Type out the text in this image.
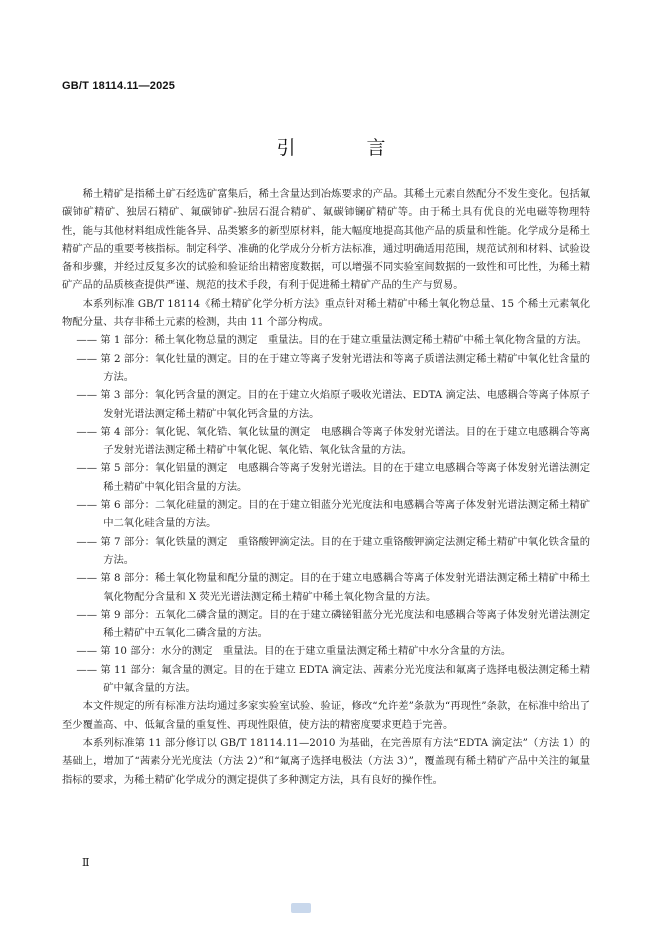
GB/T 18114.11—2025
引　言

稀土精矿是指稀土矿石经选矿富集后，稀土含量达到冶炼要求的产品。其稀土元素自然配分不发生变化。包括氟碳铈矿精矿、独居石精矿、氟碳铈矿-独居石混合精矿、氟碳铈镧矿精矿等。由于稀土具有优良的光电磁等物理特性，能与其他材料组成性能各异、品类繁多的新型原材料，能大幅度地提高其他产品的质量和性能。化学成分是稀土精矿产品的重要考核指标。制定科学、准确的化学成分分析方法标准，通过明确适用范围，规范试剂和材料、试验设备和步骤，并经过反复多次的试验和验证给出精密度数据，可以增强不同实验室间数据的一致性和可比性，为稀土精矿产品的品质核查提供严谨、规范的技术手段，有利于促进稀土精矿产品的生产与贸易。

本系列标准 GB/T 18114《稀土精矿化学分析方法》重点针对稀土精矿中稀土氧化物总量、15 个稀土元素氧化物配分量、共存非稀土元素的检测，共由 11 个部分构成。

—— 第 1 部分：稀土氧化物总量的测定　重量法。目的在于建立重量法测定稀土精矿中稀土氧化物含量的方法。

—— 第 2 部分：氧化钍量的测定。目的在于建立等离子发射光谱法和等离子质谱法测定稀土精矿中氧化钍含量的方法。

—— 第 3 部分：氧化钙含量的测定。目的在于建立火焰原子吸收光谱法、EDTA 滴定法、电感耦合等离子体原子发射光谱法测定稀土精矿中氧化钙含量的方法。

—— 第 4 部分：氧化铌、氧化锆、氧化钛量的测定　电感耦合等离子体发射光谱法。目的在于建立电感耦合等离子发射光谱法测定稀土精矿中氧化铌、氧化锆、氧化钛含量的方法。

—— 第 5 部分：氧化铝量的测定　电感耦合等离子发射光谱法。目的在于建立电感耦合等离子体发射光谱法测定稀土精矿中氧化铝含量的方法。

—— 第 6 部分：二氧化硅量的测定。目的在于建立钼蓝分光光度法和电感耦合等离子体发射光谱法测定稀土精矿中二氧化硅含量的方法。

—— 第 7 部分：氧化铁量的测定　重铬酸钾滴定法。目的在于建立重铬酸钾滴定法测定稀土精矿中氧化铁含量的方法。

—— 第 8 部分：稀土氧化物量和配分量的测定。目的在于建立电感耦合等离子体发射光谱法测定稀土精矿中稀土氧化物配分含量和 X 荧光光谱法测定稀土精矿中稀土氧化物含量的方法。

—— 第 9 部分：五氧化二磷含量的测定。目的在于建立磷铋钼蓝分光光度法和电感耦合等离子体发射光谱法测定稀土精矿中五氧化二磷含量的方法。

—— 第 10 部分：水分的测定　重量法。目的在于建立重量法测定稀土精矿中水分含量的方法。

—— 第 11 部分：氟含量的测定。目的在于建立 EDTA 滴定法、茜素分光光度法和氟离子选择电极法测定稀土精矿中氟含量的方法。

本文件规定的所有标准方法均通过多家实验室试验、验证，修改“允许差”条款为“再现性”条款，在标准中给出了至少覆盖高、中、低氟含量的重复性、再现性限值，使方法的精密度要求更趋于完善。

本系列标准第 11 部分修订以 GB/T 18114.11—2010 为基础，在完善原有方法“EDTA 滴定法”（方法 1）的基础上，增加了“茜素分光光度法（方法 2）”和“氟离子选择电极法（方法 3）”，覆盖现有稀土精矿产品中关注的氟量指标的要求，为稀土精矿化学成分的测定提供了多种测定方法，具有良好的操作性。

Ⅱ
